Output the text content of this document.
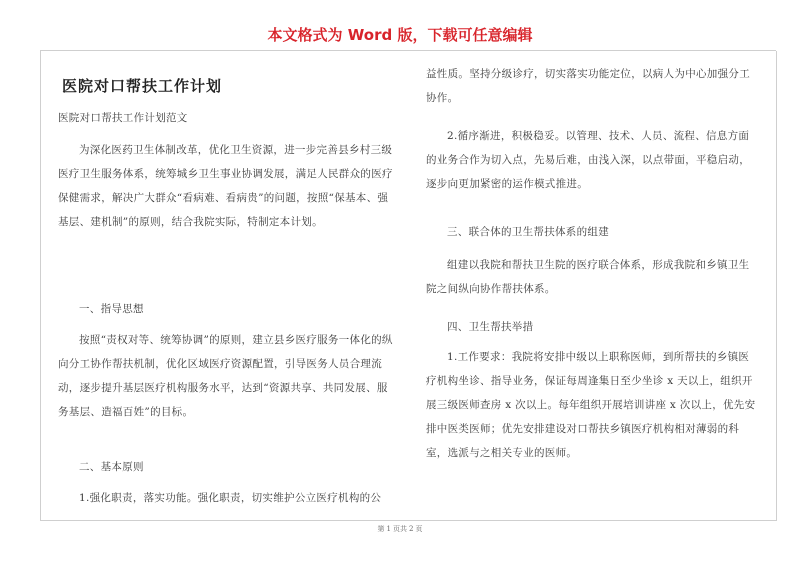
本文格式为 Word 版，下载可任意编辑
医院对口帮扶工作计划

医院对口帮扶工作计划范文

为深化医药卫生体制改革，优化卫生资源，进一步完善县乡村三级医疗卫生服务体系，统筹城乡卫生事业协调发展，满足人民群众的医疗保健需求，解决广大群众“看病难、看病贵”的问题，按照“保基本、强基层、建机制”的原则，结合我院实际，特制定本计划。

一、指导思想

按照“责权对等、统筹协调”的原则，建立县乡医疗服务一体化的纵向分工协作帮扶机制，优化区域医疗资源配置，引导医务人员合理流动，逐步提升基层医疗机构服务水平，达到“资源共享、共同发展、服务基层、造福百姓”的目标。

二、基本原则

1.强化职责，落实功能。强化职责，切实维护公立医疗机构的公

益性质。坚持分级诊疗，切实落实功能定位，以病人为中心加强分工协作。

2.循序渐进，积极稳妥。以管理、技术、人员、流程、信息方面的业务合作为切入点，先易后难，由浅入深，以点带面，平稳启动，逐步向更加紧密的运作模式推进。

三、联合体的卫生帮扶体系的组建

组建以我院和帮扶卫生院的医疗联合体系，形成我院和乡镇卫生院之间纵向协作帮扶体系。

四、卫生帮扶举措

1.工作要求：我院将安排中级以上职称医师，到所帮扶的乡镇医疗机构坐诊、指导业务，保证每周逢集日至少坐诊 x 天以上，组织开展三级医师查房 x 次以上。每年组织开展培训讲座 x 次以上，优先安排中医类医师；优先安排建设对口帮扶乡镇医疗机构相对薄弱的科室，选派与之相关专业的医师。

第 1 页共 2 页
